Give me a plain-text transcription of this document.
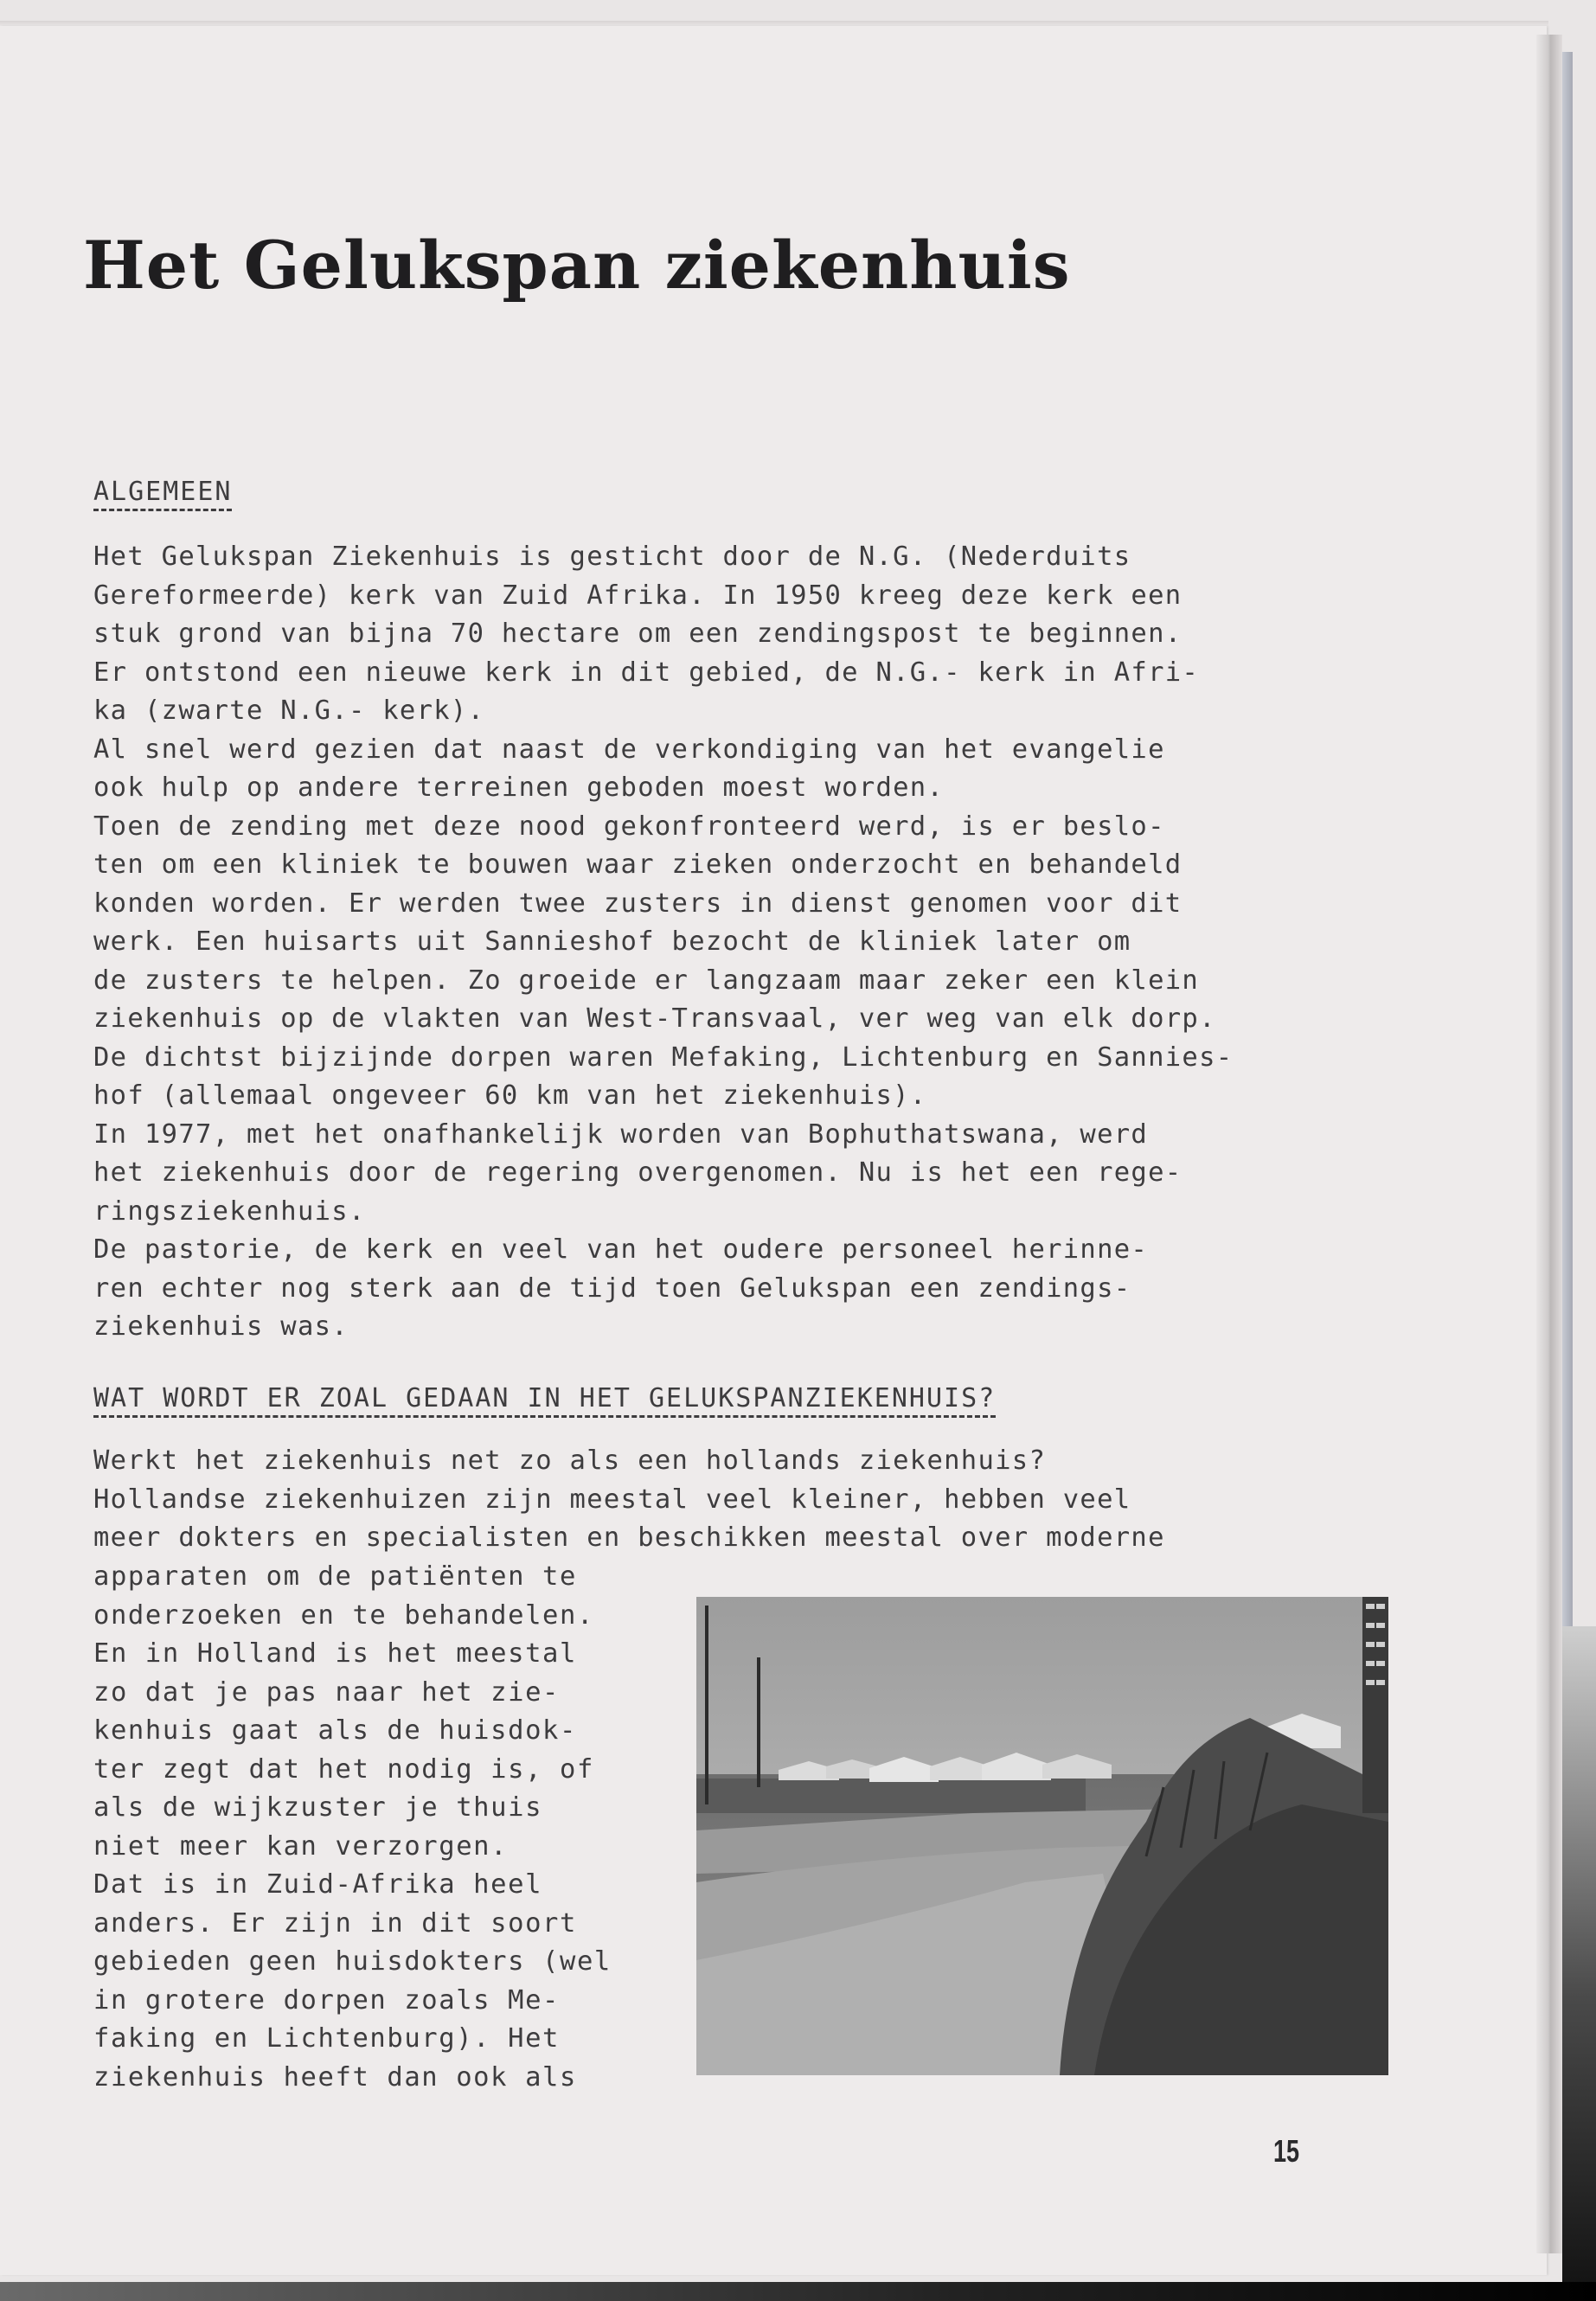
Het Gelukspan ziekenhuis
ALGEMEEN
Het Gelukspan Ziekenhuis is gesticht door de N.G. (Nederduits
Gereformeerde) kerk van Zuid Afrika. In 1950 kreeg deze kerk een
stuk grond van bijna 70 hectare om een zendingspost te beginnen.
Er ontstond een nieuwe kerk in dit gebied, de N.G.- kerk in Afri-
ka (zwarte N.G.- kerk).
Al snel werd gezien dat naast de verkondiging van het evangelie
ook hulp op andere terreinen geboden moest worden.
Toen de zending met deze nood gekonfronteerd werd, is er beslo-
ten om een kliniek te bouwen waar zieken onderzocht en behandeld
konden worden. Er werden twee zusters in dienst genomen voor dit
werk. Een huisarts uit Sannieshof bezocht de kliniek later om
de zusters te helpen. Zo groeide er langzaam maar zeker een klein
ziekenhuis op de vlakten van West-Transvaal, ver weg van elk dorp.
De dichtst bijzijnde dorpen waren Mefaking, Lichtenburg en Sannies-
hof (allemaal ongeveer 60 km van het ziekenhuis).
In 1977, met het onafhankelijk worden van Bophuthatswana, werd
het ziekenhuis door de regering overgenomen. Nu is het een rege-
ringsziekenhuis.
De pastorie, de kerk en veel van het oudere personeel herinne-
ren echter nog sterk aan de tijd toen Gelukspan een zendings-
ziekenhuis was.
WAT WORDT ER ZOAL GEDAAN IN HET GELUKSPANZIEKENHUIS?
Werkt het ziekenhuis net zo als een hollands ziekenhuis?
Hollandse ziekenhuizen zijn meestal veel kleiner, hebben veel
meer dokters en specialisten en beschikken meestal over moderne
apparaten om de patiënten te
onderzoeken en te behandelen.
En in Holland is het meestal
zo dat je pas naar het zie-
kenhuis gaat als de huisdok-
ter zegt dat het nodig is, of
als de wijkzuster je thuis
niet meer kan verzorgen.
Dat is in Zuid-Afrika heel
anders. Er zijn in dit soort
gebieden geen huisdokters (wel
in grotere dorpen zoals Me-
faking en Lichtenburg). Het
ziekenhuis heeft dan ook als
15
